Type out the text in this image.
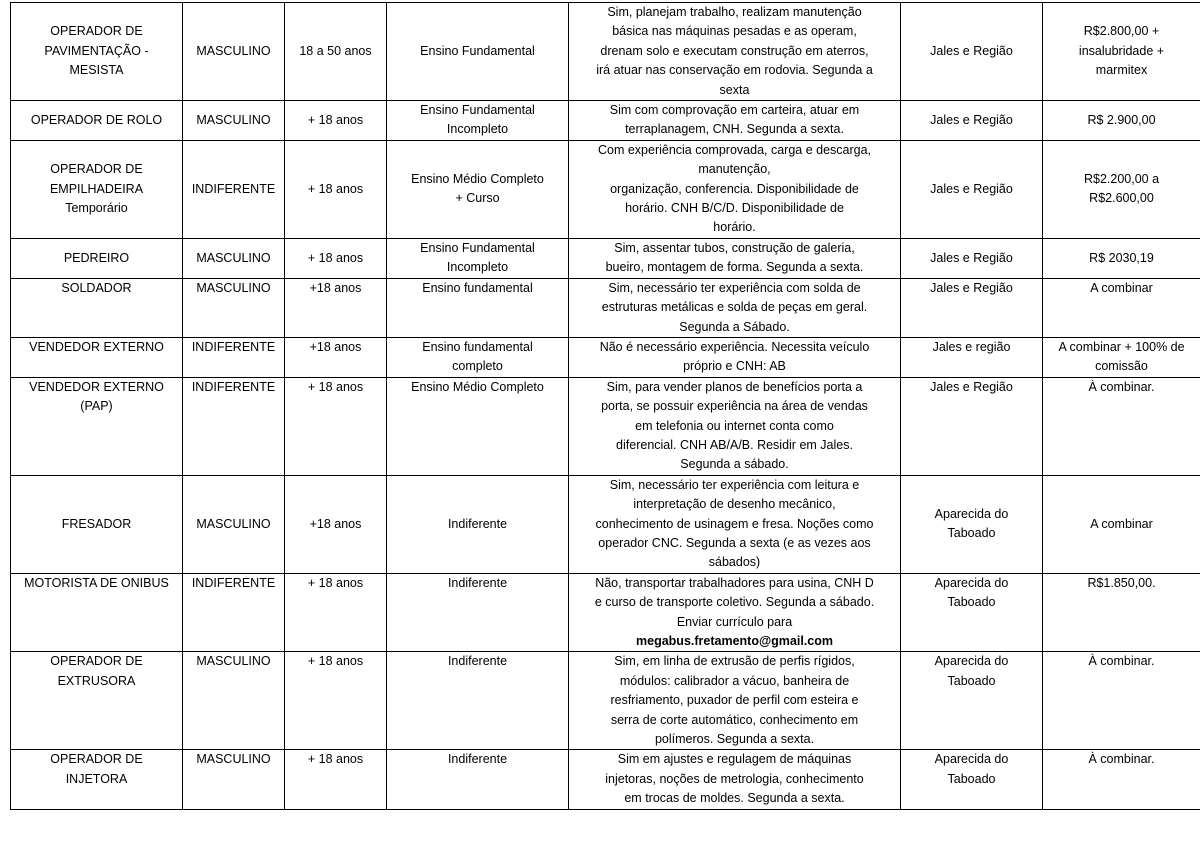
OPERADOR DE
PAVIMENTAÇÃO -
MESISTA	MASCULINO	18 a 50 anos	Ensino Fundamental	Sim, planejam trabalho, realizam manutenção
básica nas máquinas pesadas e as operam,
drenam solo e executam construção em aterros,
irá atuar nas conservação em rodovia. Segunda a
sexta	Jales e Região	R$2.800,00 +
insalubridade +
marmitex

OPERADOR DE ROLO	MASCULINO	+ 18 anos	Ensino Fundamental
Incompleto	Sim com comprovação em carteira, atuar em
terraplanagem, CNH. Segunda a sexta.	Jales e Região	R$ 2.900,00

OPERADOR DE
EMPILHADEIRA
Temporário	INDIFERENTE	+ 18 anos	Ensino Médio Completo
+ Curso	Com experiência comprovada, carga e descarga,
manutenção,
organização, conferencia. Disponibilidade de
horário. CNH B/C/D. Disponibilidade de
horário.	Jales e Região	R$2.200,00 a
R$2.600,00

PEDREIRO	MASCULINO	+ 18 anos	Ensino Fundamental
Incompleto	Sim, assentar tubos, construção de galeria,
bueiro, montagem de forma. Segunda a sexta.	Jales e Região	R$ 2030,19

SOLDADOR	MASCULINO	+18 anos	Ensino fundamental	Sim, necessário ter experiência com solda de
estruturas metálicas e solda de peças em geral.
Segunda a Sábado.	Jales e Região	A combinar

VENDEDOR EXTERNO	INDIFERENTE	+18 anos	Ensino fundamental
completo	Não é necessário experiência. Necessita veículo
próprio e CNH: AB	Jales e região	A combinar + 100% de
comissão

VENDEDOR EXTERNO
(PAP)	INDIFERENTE	+ 18 anos	Ensino Médio Completo	Sim, para vender planos de benefícios porta a
porta, se possuir experiência na área de vendas
em telefonia ou internet conta como
diferencial. CNH AB/A/B. Residir em Jales.
Segunda a sábado.	Jales e Região	À combinar.

FRESADOR	MASCULINO	+18 anos	Indiferente	Sim, necessário ter experiência com leitura e
interpretação de desenho mecânico,
conhecimento de usinagem e fresa. Noções como
operador CNC. Segunda a sexta (e as vezes aos
sábados)	Aparecida do
Taboado	A combinar

MOTORISTA DE ONIBUS	INDIFERENTE	+ 18 anos	Indiferente	Não, transportar trabalhadores para usina, CNH D
e curso de transporte coletivo. Segunda a sábado.
Enviar currículo para
megabus.fretamento@gmail.com	Aparecida do
Taboado	R$1.850,00.

OPERADOR DE
EXTRUSORA	MASCULINO	+ 18 anos	Indiferente	Sim, em linha de extrusão de perfis rígidos,
módulos: calibrador a vácuo, banheira de
resfriamento, puxador de perfil com esteira e
serra de corte automático, conhecimento em
polímeros. Segunda a sexta.	Aparecida do
Taboado	À combinar.

OPERADOR DE
INJETORA	MASCULINO	+ 18 anos	Indiferente	Sim em ajustes e regulagem de máquinas
injetoras, noções de metrologia, conhecimento
em trocas de moldes. Segunda a sexta.	Aparecida do
Taboado	À combinar.
